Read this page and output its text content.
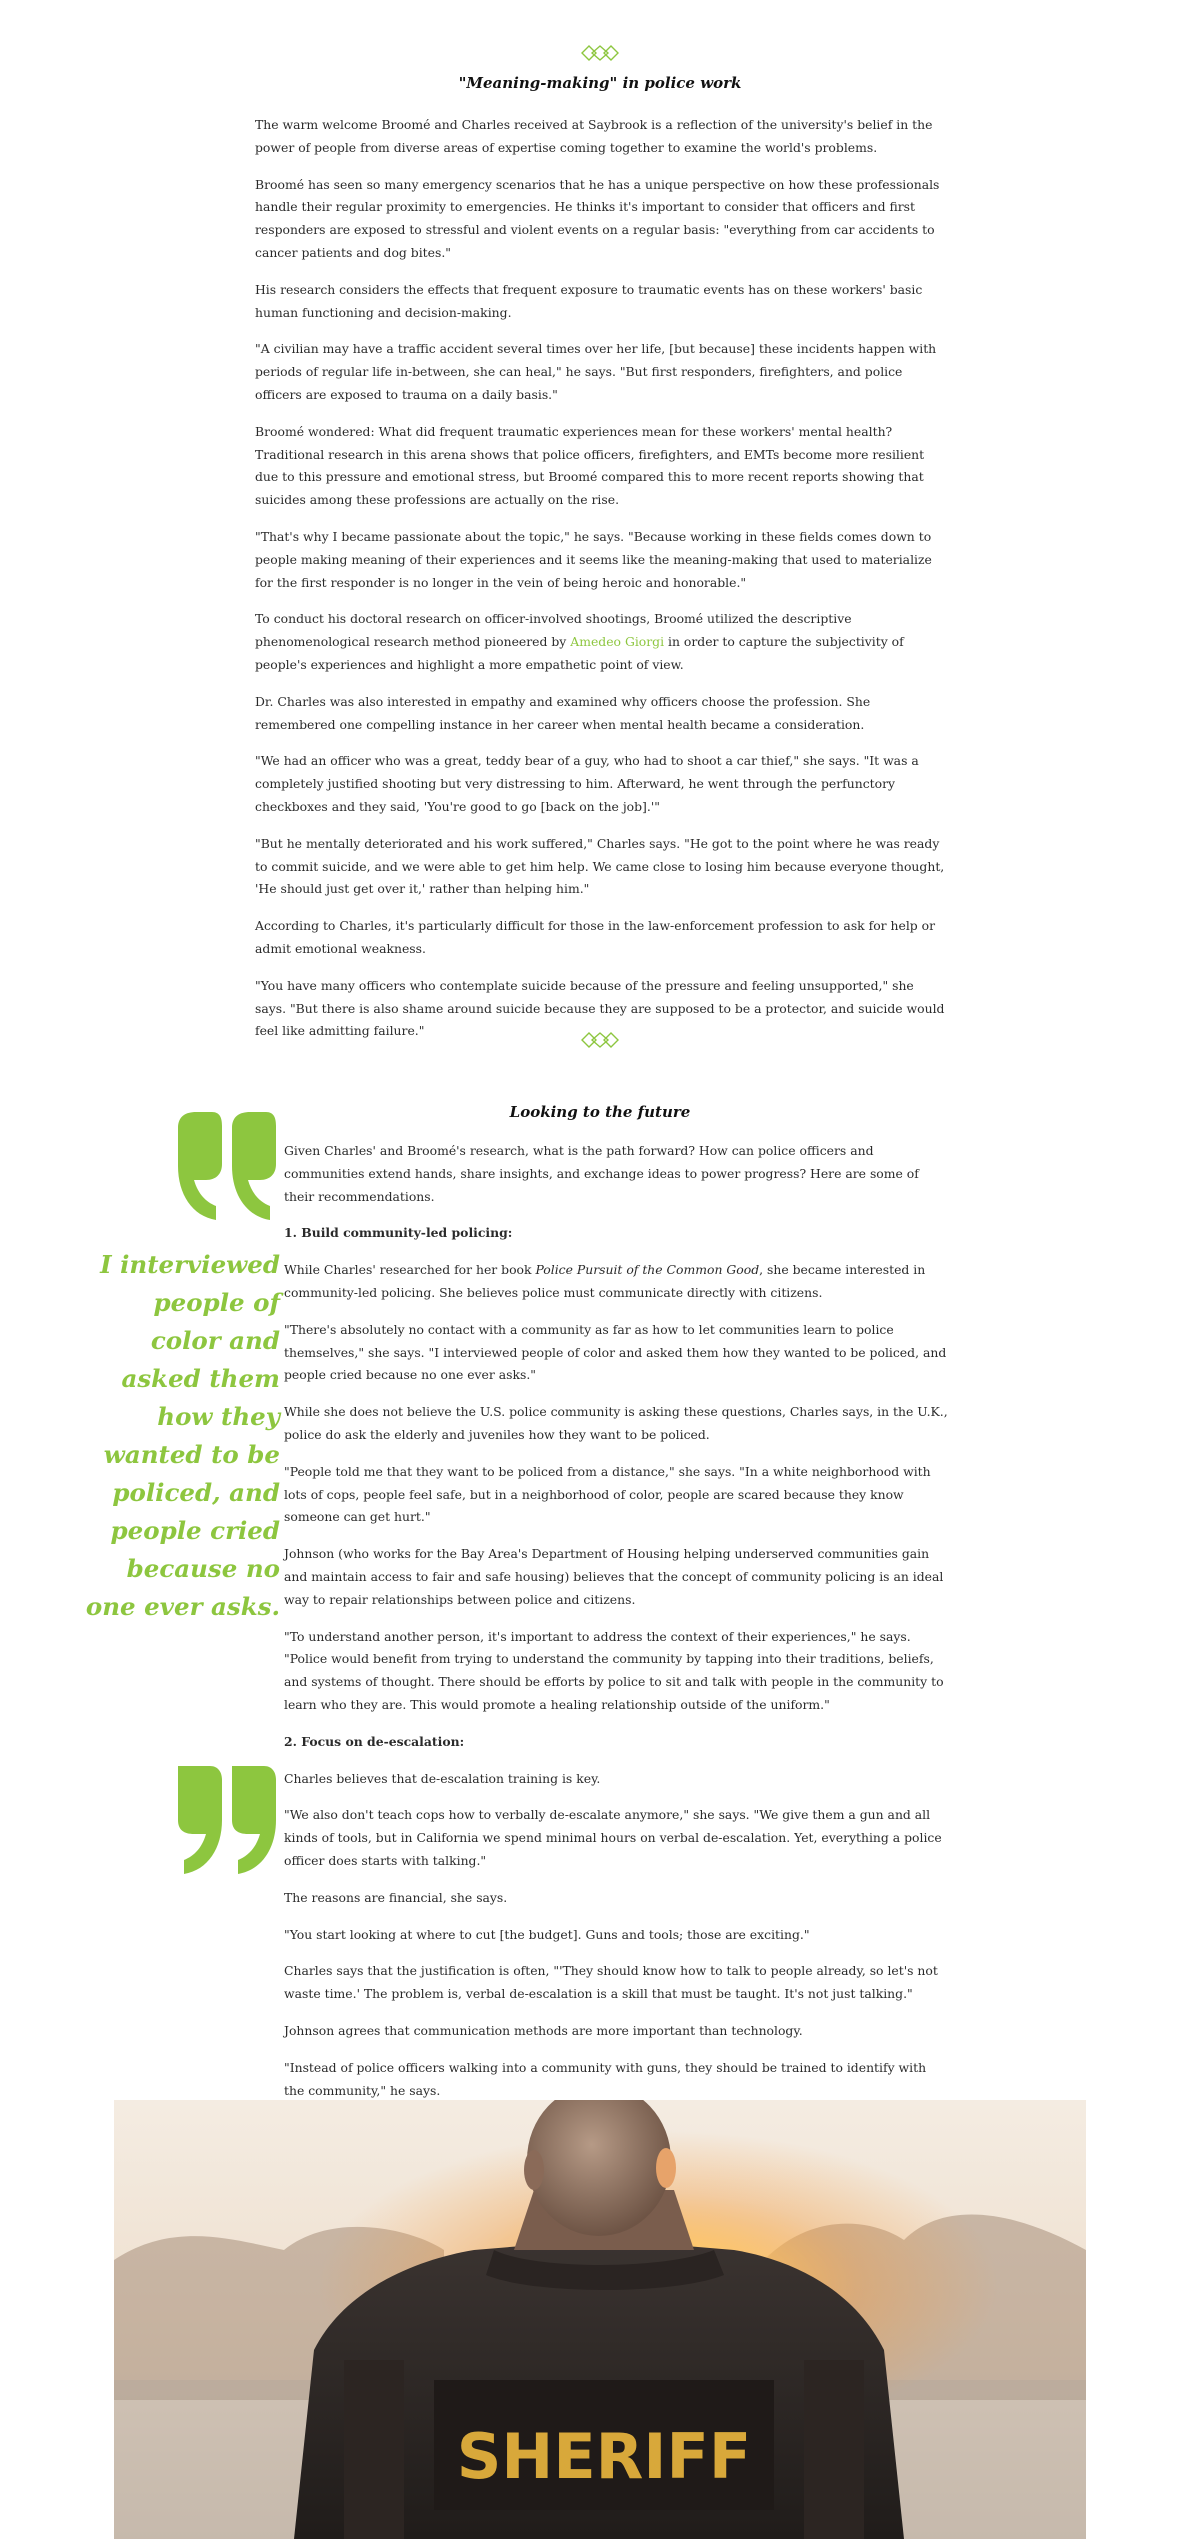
"Meaning-making" in police work

The warm welcome Broomé and Charles received at Saybrook is a reflection of the university's belief in the power of people from diverse areas of expertise coming together to examine the world's problems.

Broomé has seen so many emergency scenarios that he has a unique perspective on how these professionals handle their regular proximity to emergencies. He thinks it's important to consider that officers and first responders are exposed to stressful and violent events on a regular basis: "everything from car accidents to cancer patients and dog bites."

His research considers the effects that frequent exposure to traumatic events has on these workers' basic human functioning and decision-making.

"A civilian may have a traffic accident several times over her life, [but because] these incidents happen with periods of regular life in-between, she can heal," he says. "But first responders, firefighters, and police officers are exposed to trauma on a daily basis."

Broomé wondered: What did frequent traumatic experiences mean for these workers' mental health? Traditional research in this arena shows that police officers, firefighters, and EMTs become more resilient due to this pressure and emotional stress, but Broomé compared this to more recent reports showing that suicides among these professions are actually on the rise.

"That's why I became passionate about the topic," he says. "Because working in these fields comes down to people making meaning of their experiences and it seems like the meaning-making that used to materialize for the first responder is no longer in the vein of being heroic and honorable."

To conduct his doctoral research on officer-involved shootings, Broomé utilized the descriptive phenomenological research method pioneered by Amedeo Giorgi in order to capture the subjectivity of people's experiences and highlight a more empathetic point of view.

Dr. Charles was also interested in empathy and examined why officers choose the profession. She remembered one compelling instance in her career when mental health became a consideration.

"We had an officer who was a great, teddy bear of a guy, who had to shoot a car thief," she says. "It was a completely justified shooting but very distressing to him. Afterward, he went through the perfunctory checkboxes and they said, 'You're good to go [back on the job].'"

"But he mentally deteriorated and his work suffered," Charles says. "He got to the point where he was ready to commit suicide, and we were able to get him help. We came close to losing him because everyone thought, 'He should just get over it,' rather than helping him."

According to Charles, it's particularly difficult for those in the law-enforcement profession to ask for help or admit emotional weakness.

"You have many officers who contemplate suicide because of the pressure and feeling unsupported," she says. "But there is also shame around suicide because they are supposed to be a protector, and suicide would feel like admitting failure."

Looking to the future
I interviewed people of color and asked them how they wanted to be policed, and people cried because no one ever asks.

Given Charles' and Broomé's research, what is the path forward? How can police officers and communities extend hands, share insights, and exchange ideas to power progress? Here are some of their recommendations.

1. Build community-led policing:

While Charles' researched for her book Police Pursuit of the Common Good, she became interested in community-led policing. She believes police must communicate directly with citizens.

"There's absolutely no contact with a community as far as how to let communities learn to police themselves," she says. "I interviewed people of color and asked them how they wanted to be policed, and people cried because no one ever asks."

While she does not believe the U.S. police community is asking these questions, Charles says, in the U.K., police do ask the elderly and juveniles how they want to be policed.

"People told me that they want to be policed from a distance," she says. "In a white neighborhood with lots of cops, people feel safe, but in a neighborhood of color, people are scared because they know someone can get hurt."

Johnson (who works for the Bay Area's Department of Housing helping underserved communities gain and maintain access to fair and safe housing) believes that the concept of community policing is an ideal way to repair relationships between police and citizens.

"To understand another person, it's important to address the context of their experiences," he says. "Police would benefit from trying to understand the community by tapping into their traditions, beliefs, and systems of thought. There should be efforts by police to sit and talk with people in the community to learn who they are. This would promote a healing relationship outside of the uniform."

2. Focus on de-escalation:

Charles believes that de-escalation training is key.

"We also don't teach cops how to verbally de-escalate anymore," she says. "We give them a gun and all kinds of tools, but in California we spend minimal hours on verbal de-escalation. Yet, everything a police officer does starts with talking."

The reasons are financial, she says.

"You start looking at where to cut [the budget]. Guns and tools; those are exciting."

Charles says that the justification is often, "'They should know how to talk to people already, so let's not waste time.' The problem is, verbal de-escalation is a skill that must be taught. It's not just talking."

Johnson agrees that communication methods are more important than technology.

"Instead of police officers walking into a community with guns, they should be trained to identify with the community," he says.

SHERIFF
